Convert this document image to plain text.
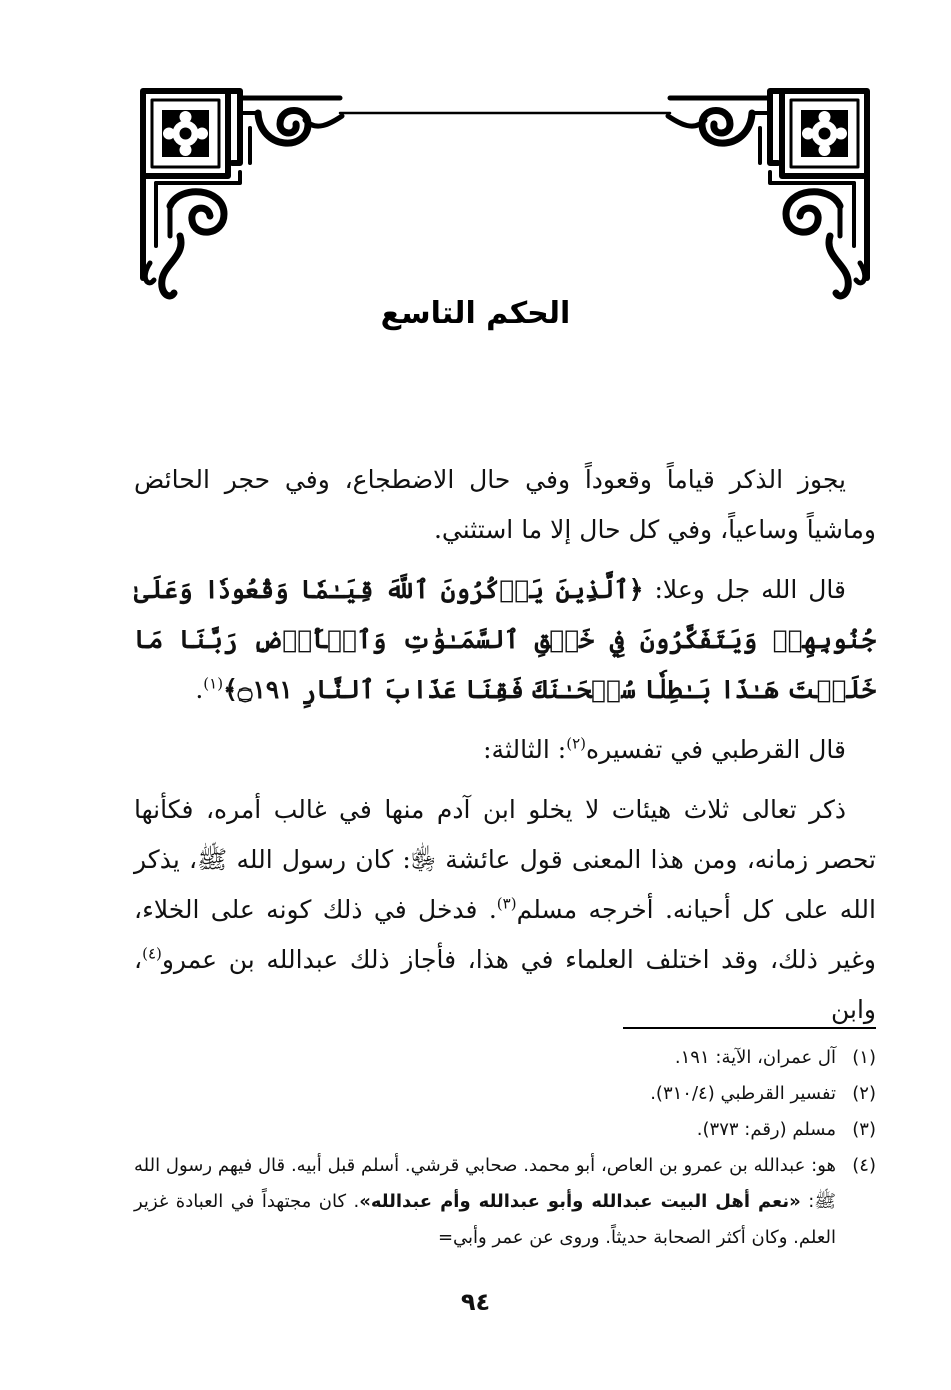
الحكم التاسع

يجوز الذكر قياماً وقعوداً وفي حال الاضطجاع، وفي حجر الحائض وماشياً وساعياً، وفي كل حال إلا ما استثني.

قال الله جل وعلا: ﴿ٱلَّذِينَ يَذۡكُرُونَ ٱللَّهَ قِيَـٰمٗا وَقُعُودٗا وَعَلَىٰ جُنُوبِهِمۡ وَيَتَفَكَّرُونَ فِي خَلۡقِ ٱلسَّمَـٰوَٰتِ وَٱلۡأَرۡضِ رَبَّنَا مَا خَلَقۡتَ هَـٰذَا بَـٰطِلٗا سُبۡحَـٰنَكَ فَقِنَا عَذَابَ ٱلنَّارِ ۝١٩١﴾$^{(١)}$.

قال القرطبي في تفسيره$^{(٢)}$: الثالثة:

ذكر تعالى ثلاث هيئات لا يخلو ابن آدم منها في غالب أمره، فكأنها تحصر زمانه، ومن هذا المعنى قول عائشة ﵂: كان رسول الله ﷺ، يذكر الله على كل أحيانه. أخرجه مسلم$^{(٣)}$. فدخل في ذلك كونه على الخلاء، وغير ذلك، وقد اختلف العلماء في هذا، فأجاز ذلك عبدالله بن عمرو$^{(٤)}$، وابن

(١)
آل عمران، الآية: ١٩١.
(٢)
تفسير القرطبي (٣١٠/٤).
(٣)
مسلم (رقم: ٣٧٣).
(٤)
هو: عبدالله بن عمرو بن العاص، أبو محمد. صحابي قرشي. أسلم قبل أبيه. قال فيهم رسول الله ﷺ: «نعم أهل البيت عبدالله وأبو عبدالله وأم عبدالله». كان مجتهداً في العبادة غزير العلم. وكان أكثر الصحابة حديثاً. وروى عن عمر وأبي=
٩٤
